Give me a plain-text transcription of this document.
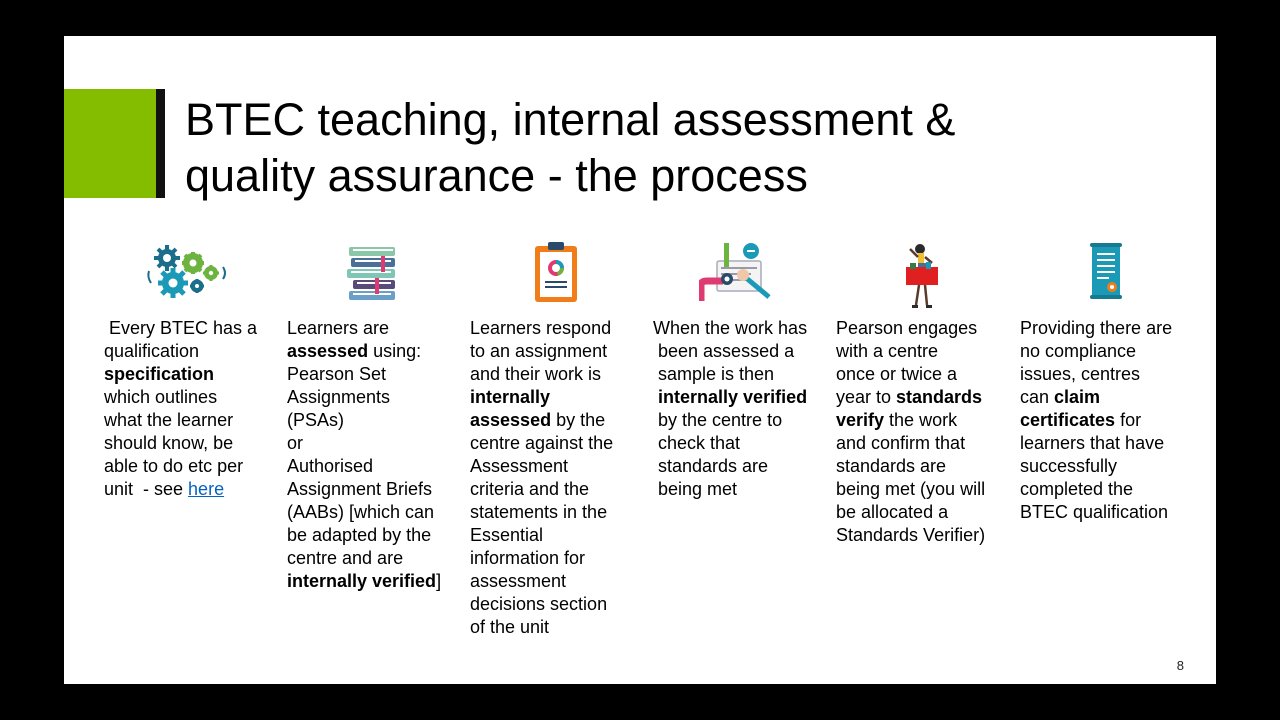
BTEC teaching, internal assessment &
quality assurance - the process
Every BTEC has a
qualification
specification
which outlines
what the learner
should know, be
able to do etc per
unit  - see here
Learners are
assessed using:
Pearson Set
Assignments
(PSAs)
or
Authorised
Assignment Briefs
(AABs) [which can
be adapted by the
centre and are
internally verified]
Learners respond
to an assignment
and their work is
internally
assessed by the
centre against the
Assessment
criteria and the
statements in the
Essential
information for
assessment
decisions section
of the unit
When the work has
been assessed a
sample is then
internally verified
by the centre to
check that
standards are
being met
Pearson engages
with a centre
once or twice a
year to standards
verify the work
and confirm that
standards are
being met (you will
be allocated a
Standards Verifier)
Providing there are
no compliance
issues, centres
can claim
certificates for
learners that have
successfully
completed the
BTEC qualification
8
